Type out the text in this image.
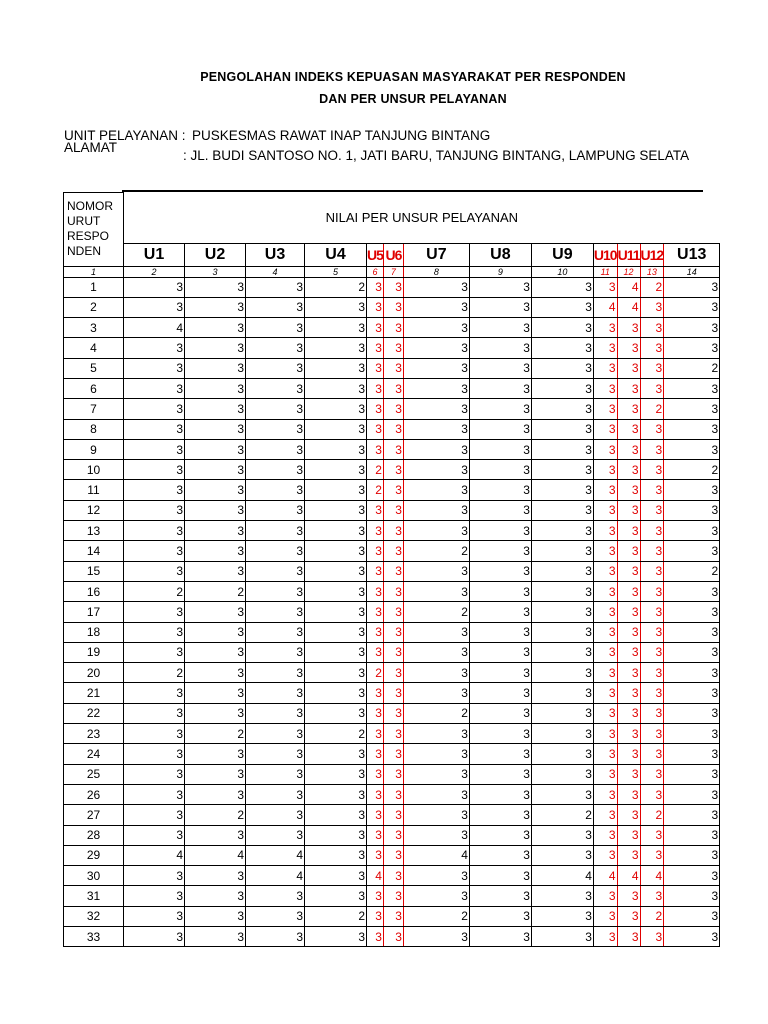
PENGOLAHAN INDEKS KEPUASAN MASYARAKAT PER RESPONDEN
DAN PER UNSUR PELAYANAN
UNIT PELAYANAN : PUSKESMAS RAWAT INAP TANJUNG BINTANG
ALAMAT
: JL. BUDI SANTOSO NO. 1, JATI BARU, TANJUNG BINTANG, LAMPUNG SELATA
NOMOR URUT RESPO NDEN	NILAI PER UNSUR PELAYANAN												
	U1	U2	U3	U4	U5	U6	U7	U8	U9	U10	U11	U12	U13
1	2	3	4	5	6	7	8	9	10	11	12	13	14
1	3	3	3	2	3	3	3	3	3	3	4	2	3
2	3	3	3	3	3	3	3	3	3	4	4	3	3
3	4	3	3	3	3	3	3	3	3	3	3	3	3
4	3	3	3	3	3	3	3	3	3	3	3	3	3
5	3	3	3	3	3	3	3	3	3	3	3	3	2
6	3	3	3	3	3	3	3	3	3	3	3	3	3
7	3	3	3	3	3	3	3	3	3	3	3	2	3
8	3	3	3	3	3	3	3	3	3	3	3	3	3
9	3	3	3	3	3	3	3	3	3	3	3	3	3
10	3	3	3	3	2	3	3	3	3	3	3	3	2
11	3	3	3	3	2	3	3	3	3	3	3	3	3
12	3	3	3	3	3	3	3	3	3	3	3	3	3
13	3	3	3	3	3	3	3	3	3	3	3	3	3
14	3	3	3	3	3	3	2	3	3	3	3	3	3
15	3	3	3	3	3	3	3	3	3	3	3	3	2
16	2	2	3	3	3	3	3	3	3	3	3	3	3
17	3	3	3	3	3	3	2	3	3	3	3	3	3
18	3	3	3	3	3	3	3	3	3	3	3	3	3
19	3	3	3	3	3	3	3	3	3	3	3	3	3
20	2	3	3	3	2	3	3	3	3	3	3	3	3
21	3	3	3	3	3	3	3	3	3	3	3	3	3
22	3	3	3	3	3	3	2	3	3	3	3	3	3
23	3	2	3	2	3	3	3	3	3	3	3	3	3
24	3	3	3	3	3	3	3	3	3	3	3	3	3
25	3	3	3	3	3	3	3	3	3	3	3	3	3
26	3	3	3	3	3	3	3	3	3	3	3	3	3
27	3	2	3	3	3	3	3	3	2	3	3	2	3
28	3	3	3	3	3	3	3	3	3	3	3	3	3
29	4	4	4	3	3	3	4	3	3	3	3	3	3
30	3	3	4	3	4	3	3	3	4	4	4	4	3
31	3	3	3	3	3	3	3	3	3	3	3	3	3
32	3	3	3	2	3	3	2	3	3	3	3	2	3
33	3	3	3	3	3	3	3	3	3	3	3	3	3
